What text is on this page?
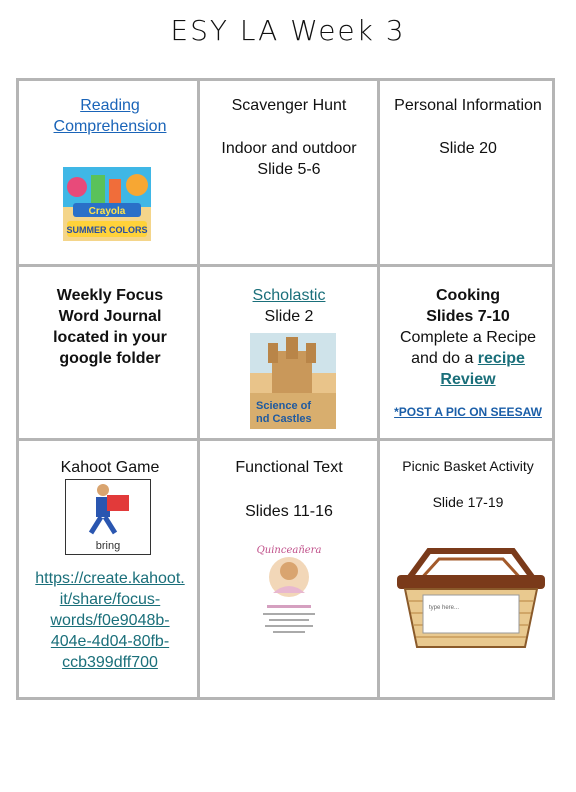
ESY LA Week 3
Reading Comprehension
Crayola
SUMMER COLORS
Scavenger Hunt
Indoor and outdoor
Slide 5-6
Personal Information
Slide 20
Weekly Focus
Word Journal
located in your
google folder
Scholastic
Slide 2
Science of
nd Castles
Cooking
Slides 7-10
Complete a Recipe
and do a recipe
Review
*POST A PIC ON SEESAW
Kahoot Game
bring
https://create.kahoot.
it/share/focus-
words/f0e9048b-
404e-4d04-80fb-
ccb399dff700
Functional Text
Slides 11-16
Quinceañera
Picnic Basket Activity
Slide 17-19
type here...
